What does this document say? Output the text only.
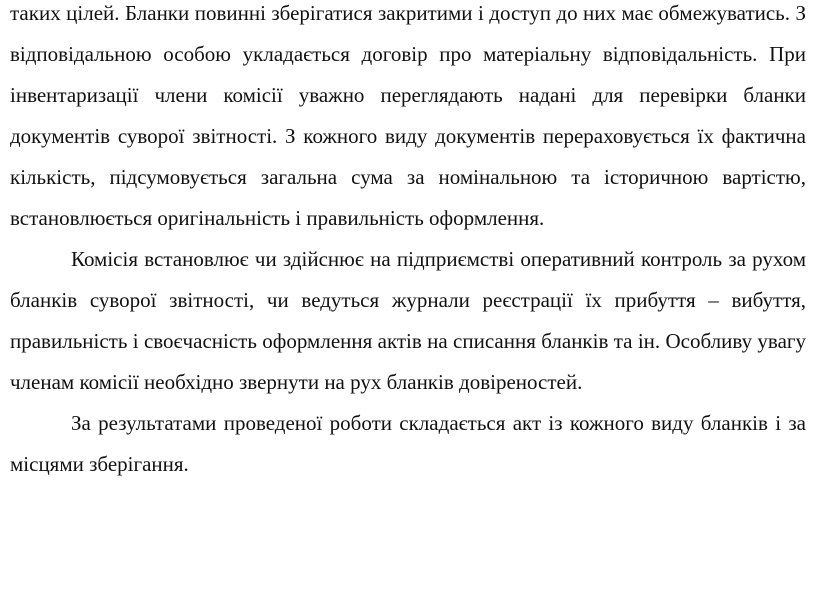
таких цілей. Бланки повинні зберігатися закритими і доступ до них має обмежуватись. З відповідальною особою укладається договір про матеріальну відповідальність. При інвентаризації члени комісії уважно переглядають надані для перевірки бланки документів суворої звітності. З кожного виду документів перераховується їх фактична кількість, підсумовується загальна сума за номінальною та історичною вартістю, встановлюється оригінальність і правильність оформлення.

Комісія встановлює чи здійснює на підприємстві оперативний контроль за рухом бланків суворої звітності, чи ведуться журнали реєстрації їх прибуття – вибуття, правильність і своєчасність оформлення актів на списання бланків та ін. Особливу увагу членам комісії необхідно звернути на рух бланків довіреностей.

За результатами проведеної роботи складається акт із кожного виду бланків і за місцями зберігання.
